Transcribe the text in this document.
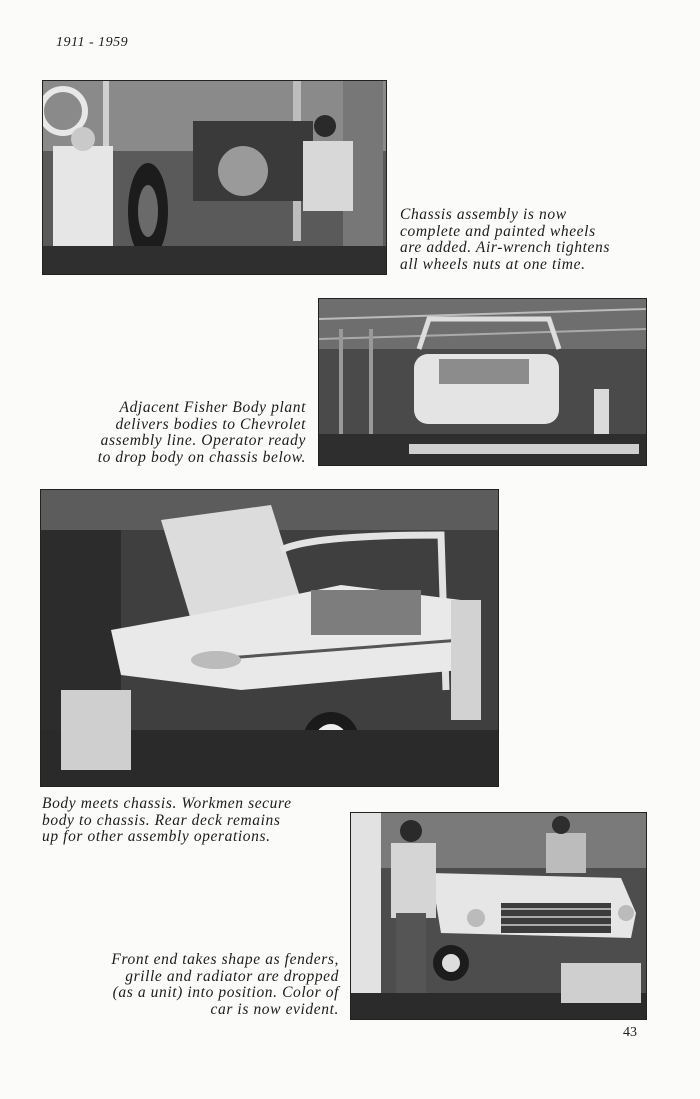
1911 - 1959

Chassis assembly is now
complete and painted wheels
are added. Air-wrench tightens
all wheels nuts at one time.

Adjacent Fisher Body plant
delivers bodies to Chevrolet
assembly line. Operator ready
to drop body on chassis below.

Body meets chassis. Workmen secure
body to chassis. Rear deck remains
up for other assembly operations.

Front end takes shape as fenders,
grille and radiator are dropped
(as a unit) into position. Color of
car is now evident.

43
